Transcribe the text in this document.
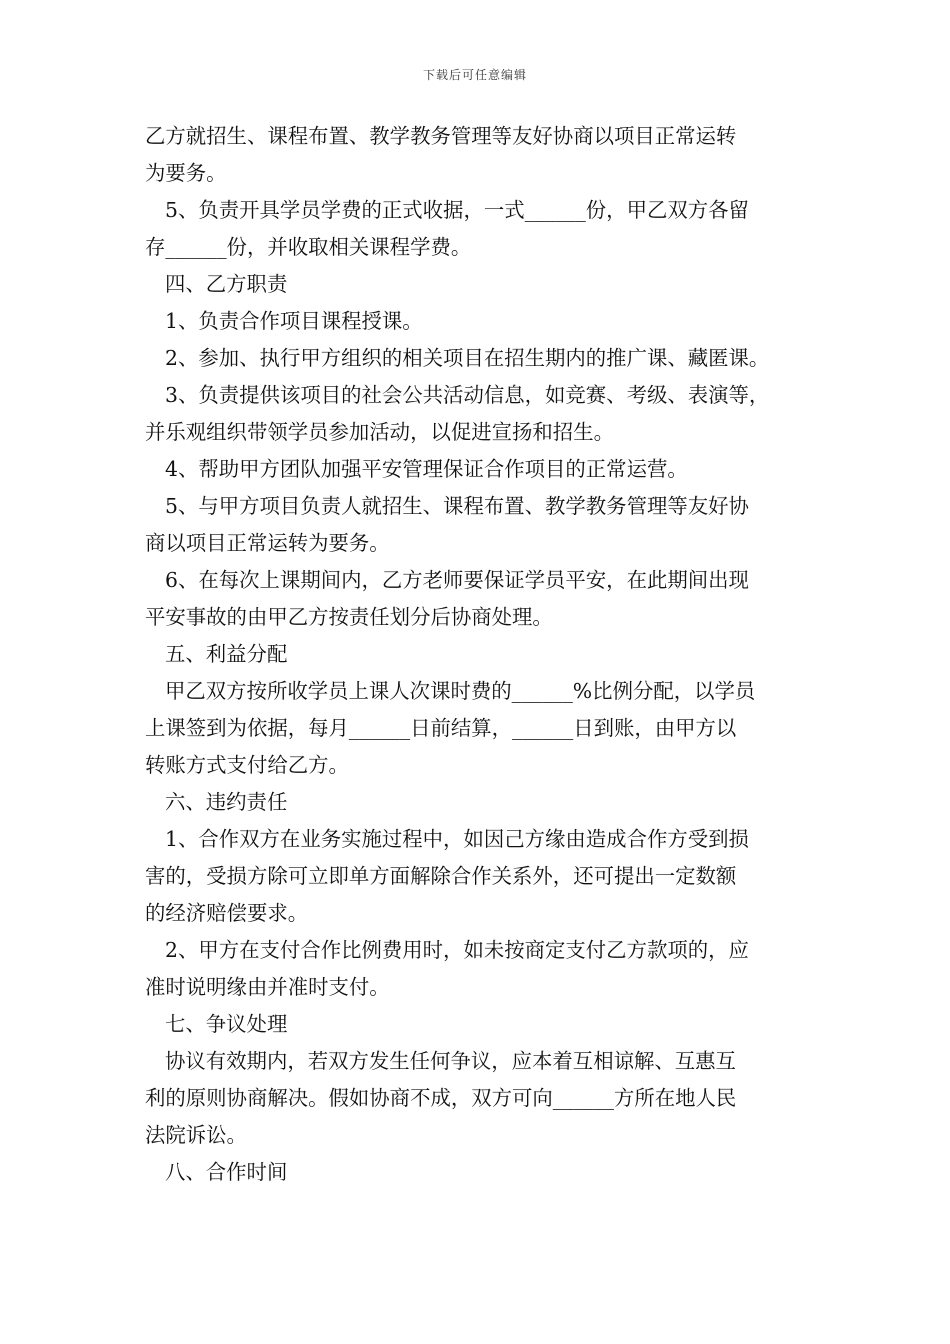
下载后可任意编辑
乙方就招生、课程布置、教学教务管理等友好协商以项目正常运转
为要务。
5、负责开具学员学费的正式收据，一式______份，甲乙双方各留
存______份，并收取相关课程学费。
四、乙方职责
1、负责合作项目课程授课。
2、参加、执行甲方组织的相关项目在招生期内的推广课、藏匿课。
3、负责提供该项目的社会公共活动信息，如竞赛、考级、表演等，
并乐观组织带领学员参加活动，以促进宣扬和招生。
4、帮助甲方团队加强平安管理保证合作项目的正常运营。
5、与甲方项目负责人就招生、课程布置、教学教务管理等友好协
商以项目正常运转为要务。
6、在每次上课期间内，乙方老师要保证学员平安，在此期间出现
平安事故的由甲乙方按责任划分后协商处理。
五、利益分配
甲乙双方按所收学员上课人次课时费的______%比例分配，以学员
上课签到为依据，每月______日前结算，______日到账，由甲方以
转账方式支付给乙方。
六、违约责任
1、合作双方在业务实施过程中，如因己方缘由造成合作方受到损
害的，受损方除可立即单方面解除合作关系外，还可提出一定数额
的经济赔偿要求。
2、甲方在支付合作比例费用时，如未按商定支付乙方款项的，应
准时说明缘由并准时支付。
七、争议处理
协议有效期内，若双方发生任何争议，应本着互相谅解、互惠互
利的原则协商解决。假如协商不成，双方可向______方所在地人民
法院诉讼。
八、合作时间
